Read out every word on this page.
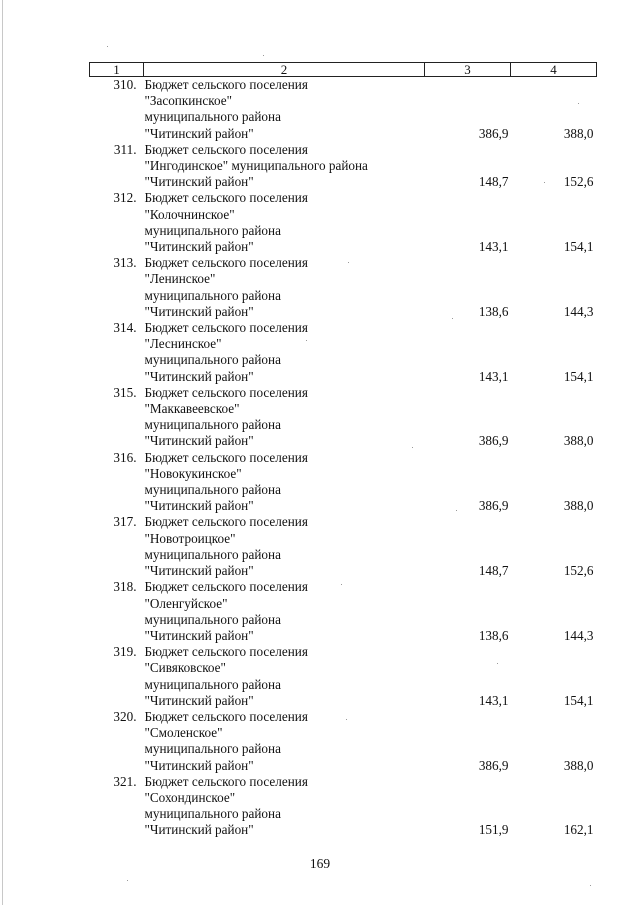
1	2	3	4
310.	Бюджет сельского поселения
"Засопкинское"
муниципального района
"Читинский район"	386,9	388,0
311.	Бюджет сельского поселения
"Ингодинское" муниципального района
"Читинский район"	148,7	152,6
312.	Бюджет сельского поселения
"Колочнинское"
муниципального района
"Читинский район"	143,1	154,1
313.	Бюджет сельского поселения
"Ленинское"
муниципального района
"Читинский район"	138,6	144,3
314.	Бюджет сельского поселения
"Леснинское"
муниципального района
"Читинский район"	143,1	154,1
315.	Бюджет сельского поселения
"Маккавеевское"
муниципального района
"Читинский район"	386,9	388,0
316.	Бюджет сельского поселения
"Новокукинское"
муниципального района
"Читинский район"	386,9	388,0
317.	Бюджет сельского поселения
"Новотроицкое"
муниципального района
"Читинский район"	148,7	152,6
318.	Бюджет сельского поселения
"Оленгуйское"
муниципального района
"Читинский район"	138,6	144,3
319.	Бюджет сельского поселения
"Сивяковское"
муниципального района
"Читинский район"	143,1	154,1
320.	Бюджет сельского поселения
"Смоленское"
муниципального района
"Читинский район"	386,9	388,0
321.	Бюджет сельского поселения
"Сохондинское"
муниципального района
"Читинский район"	151,9	162,1
169
